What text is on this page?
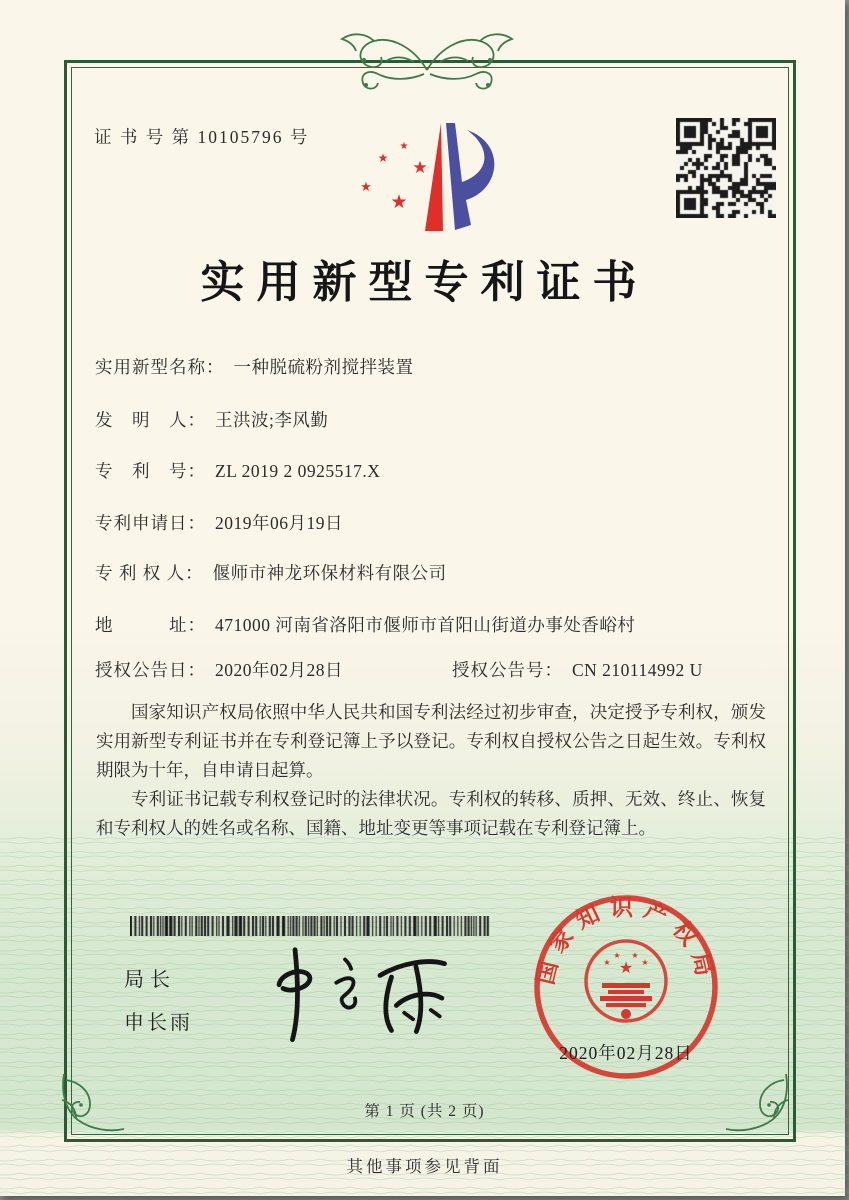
证 书 号 第 10105796 号	★
★ ★
★
★
实用新型专利证书
实用新型名称： 一种脱硫粉剂搅拌装置
发　明　人： 王洪波;李风勤
专　利　号： ZL 2019 2 0925517.X
专利申请日： 2019年06月19日
专 利 权 人： 偃师市神龙环保材料有限公司
地　　　址： 471000 河南省洛阳市偃师市首阳山街道办事处香峪村
授权公告日： 2020年02月28日	授权公告号： CN 210114992 U

国家知识产权局依照中华人民共和国专利法经过初步审查，决定授予专利权，颁发实用新型专利证书并在专利登记簿上予以登记。专利权自授权公告之日起生效。专利权期限为十年，自申请日起算。

专利证书记载专利权登记时的法律状况。专利权的转移、质押、无效、终止、恢复和专利权人的姓名或名称、国籍、地址变更等事项记载在专利登记簿上。

局长
申长雨
国家知识产权局
★
★
★ ★
★
2020年02月28日
第 1 页 (共 2 页)
其他事项参见背面
